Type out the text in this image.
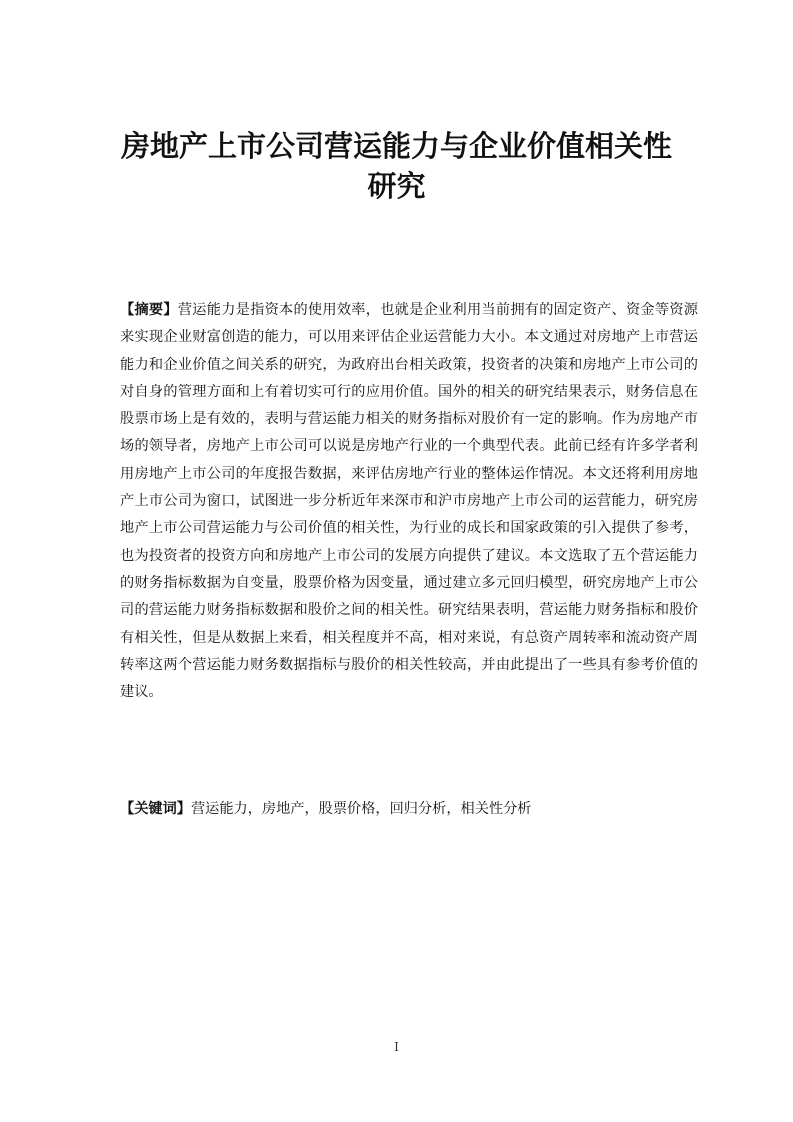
房地产上市公司营运能力与企业价值相关性
研究
【摘要】营运能力是指资本的使用效率，也就是企业利用当前拥有的固定资产、资金等资源来实现企业财富创造的能力，可以用来评估企业运营能力大小。本文通过对房地产上市营运能力和企业价值之间关系的研究，为政府出台相关政策，投资者的决策和房地产上市公司的对自身的管理方面和上有着切实可行的应用价值。国外的相关的研究结果表示，财务信息在股票市场上是有效的，表明与营运能力相关的财务指标对股价有一定的影响。作为房地产市场的领导者，房地产上市公司可以说是房地产行业的一个典型代表。此前已经有许多学者利用房地产上市公司的年度报告数据，来评估房地产行业的整体运作情况。本文还将利用房地产上市公司为窗口，试图进一步分析近年来深市和沪市房地产上市公司的运营能力，研究房地产上市公司营运能力与公司价值的相关性，为行业的成长和国家政策的引入提供了参考，也为投资者的投资方向和房地产上市公司的发展方向提供了建议。本文选取了五个营运能力的财务指标数据为自变量，股票价格为因变量，通过建立多元回归模型，研究房地产上市公司的营运能力财务指标数据和股价之间的相关性。研究结果表明，营运能力财务指标和股价有相关性，但是从数据上来看，相关程度并不高，相对来说，有总资产周转率和流动资产周转率这两个营运能力财务数据指标与股价的相关性较高，并由此提出了一些具有参考价值的建议。
【关键词】营运能力，房地产，股票价格，回归分析，相关性分析
I
